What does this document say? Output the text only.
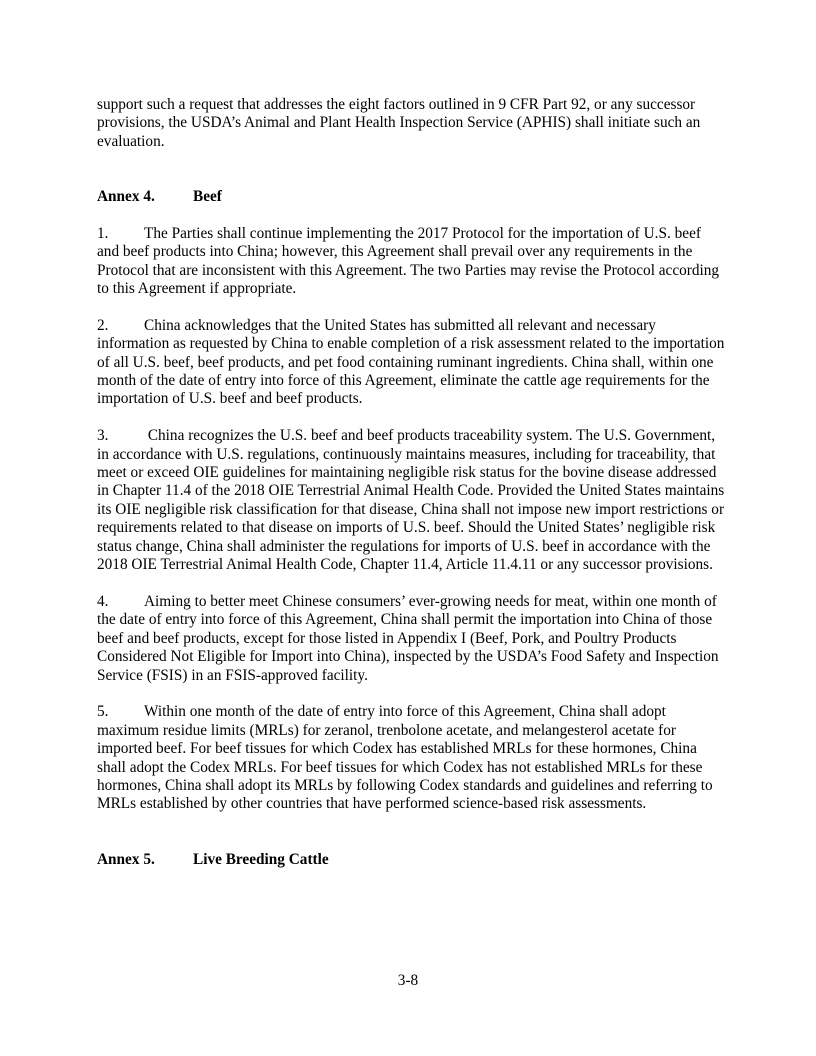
support such a request that addresses the eight factors outlined in 9 CFR Part 92, or any successor provisions, the USDA’s Animal and Plant Health Inspection Service (APHIS) shall initiate such an evaluation.

Annex 4. Beef

1. The Parties shall continue implementing the 2017 Protocol for the importation of U.S. beef and beef products into China; however, this Agreement shall prevail over any requirements in the Protocol that are inconsistent with this Agreement. The two Parties may revise the Protocol according to this Agreement if appropriate.

2. China acknowledges that the United States has submitted all relevant and necessary information as requested by China to enable completion of a risk assessment related to the importation of all U.S. beef, beef products, and pet food containing ruminant ingredients. China shall, within one month of the date of entry into force of this Agreement, eliminate the cattle age requirements for the importation of U.S. beef and beef products.

3. China recognizes the U.S. beef and beef products traceability system. The U.S. Government, in accordance with U.S. regulations, continuously maintains measures, including for traceability, that meet or exceed OIE guidelines for maintaining negligible risk status for the bovine disease addressed in Chapter 11.4 of the 2018 OIE Terrestrial Animal Health Code. Provided the United States maintains its OIE negligible risk classification for that disease, China shall not impose new import restrictions or requirements related to that disease on imports of U.S. beef. Should the United States’ negligible risk status change, China shall administer the regulations for imports of U.S. beef in accordance with the 2018 OIE Terrestrial Animal Health Code, Chapter 11.4, Article 11.4.11 or any successor provisions.

4. Aiming to better meet Chinese consumers’ ever-growing needs for meat, within one month of the date of entry into force of this Agreement, China shall permit the importation into China of those beef and beef products, except for those listed in Appendix I (Beef, Pork, and Poultry Products Considered Not Eligible for Import into China), inspected by the USDA’s Food Safety and Inspection Service (FSIS) in an FSIS-approved facility.

5. Within one month of the date of entry into force of this Agreement, China shall adopt maximum residue limits (MRLs) for zeranol, trenbolone acetate, and melangesterol acetate for imported beef. For beef tissues for which Codex has established MRLs for these hormones, China shall adopt the Codex MRLs. For beef tissues for which Codex has not established MRLs for these hormones, China shall adopt its MRLs by following Codex standards and guidelines and referring to MRLs established by other countries that have performed science-based risk assessments.

Annex 5. Live Breeding Cattle
3-8
